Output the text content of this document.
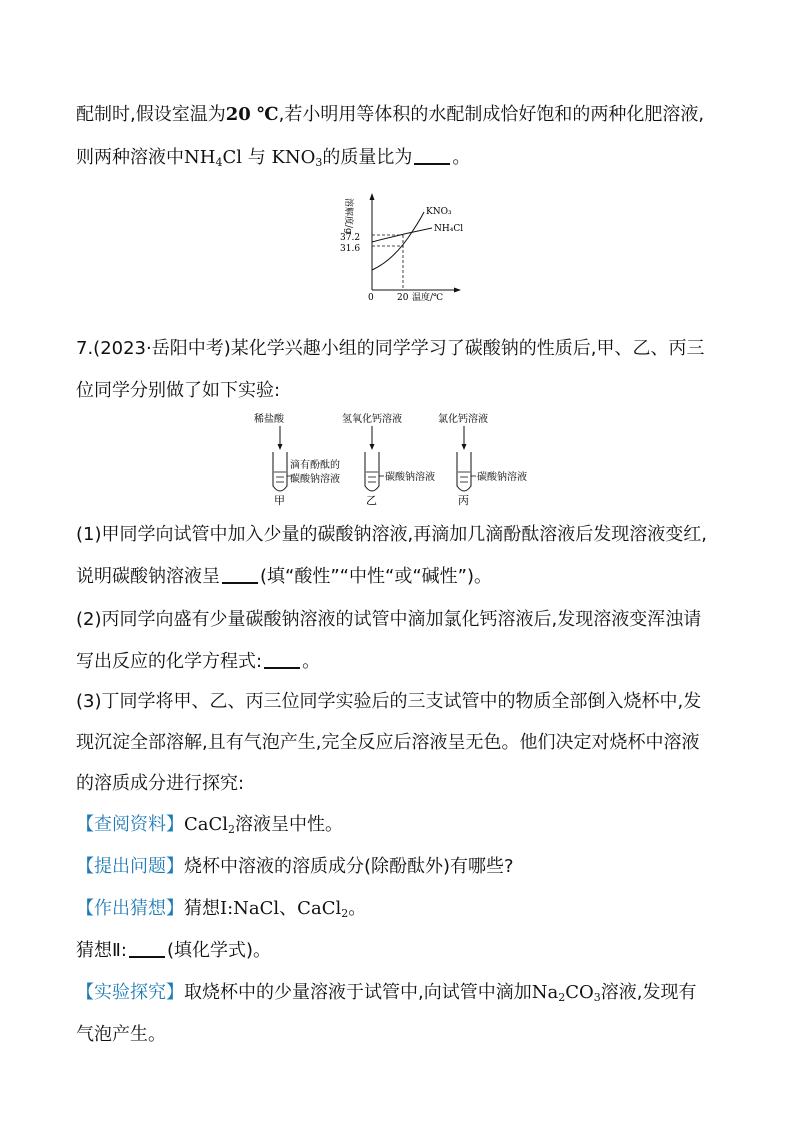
配制时,假设室温为20 ℃,若小明用等体积的水配制成恰好饱和的两种化肥溶液,
则两种溶液中$NH_4Cl$ 与 $KNO_3$的质量比为 。
37.2
31.6
0	20 温度/℃
溶解度/g	KNO₃
NH₄Cl
7.(2023·岳阳中考)某化学兴趣小组的同学学习了碳酸钠的性质后,甲、乙、丙三
位同学分别做了如下实验:
稀盐酸
滴有酚酞的
碳酸钠溶液
甲
氢氧化钙溶液
碳酸钠溶液
乙
氯化钙溶液
碳酸钠溶液
丙
(1)甲同学向试管中加入少量的碳酸钠溶液,再滴加几滴酚酞溶液后发现溶液变红,
说明碳酸钠溶液呈 (填“酸性”“中性“或“碱性”)。
(2)丙同学向盛有少量碳酸钠溶液的试管中滴加氯化钙溶液后,发现溶液变浑浊请
写出反应的化学方程式: 。
(3)丁同学将甲、乙、丙三位同学实验后的三支试管中的物质全部倒入烧杯中,发
现沉淀全部溶解,且有气泡产生,完全反应后溶液呈无色。他们决定对烧杯中溶液
的溶质成分进行探究:
【查阅资料】CaCl$_2$溶液呈中性。
【提出问题】烧杯中溶液的溶质成分(除酚酞外)有哪些?
【作出猜想】猜想Ⅰ:NaCl、CaCl$_2$。
猜想Ⅱ: (填化学式)。
【实验探究】取烧杯中的少量溶液于试管中,向试管中滴加$Na_2CO_3$溶液,发现有
气泡产生。
